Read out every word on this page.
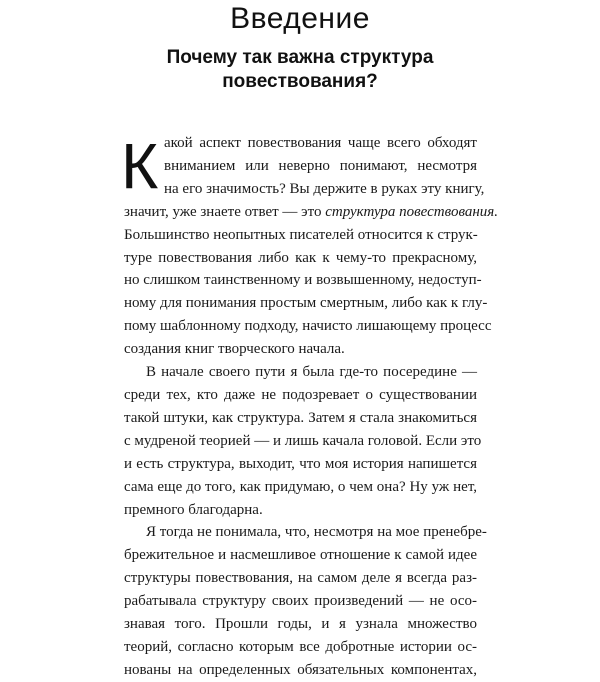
Введение
Почему так важна структура
повествования?
К акой аспект повествования чаще всего обходят
вниманием или неверно понимают, несмотря
на его значимость? Вы держите в руках эту книгу,
значит, уже знаете ответ — это структура повествования.
Большинство неопытных писателей относится к струк-
туре повествования либо как к чему-то прекрасному,
но слишком таинственному и возвышенному, недоступ-
ному для понимания простым смертным, либо как к глу-
пому шаблонному подходу, начисто лишающему процесс
создания книг творческого начала.
В начале своего пути я была где-то посередине —
среди тех, кто даже не подозревает о существовании
такой штуки, как структура. Затем я стала знакомиться
с мудреной теорией — и лишь качала головой. Если это
и есть структура, выходит, что моя история напишется
сама еще до того, как придумаю, о чем она? Ну уж нет,
премного благодарна.
Я тогда не понимала, что, несмотря на мое пренебре-
брежительное и насмешливое отношение к самой идее
структуры повествования, на самом деле я всегда раз-
рабатывала структуру своих произведений — не осо-
знавая того. Прошли годы, и я узнала множество
теорий, согласно которым все добротные истории ос-
нованы на определенных обязательных компонентах,
